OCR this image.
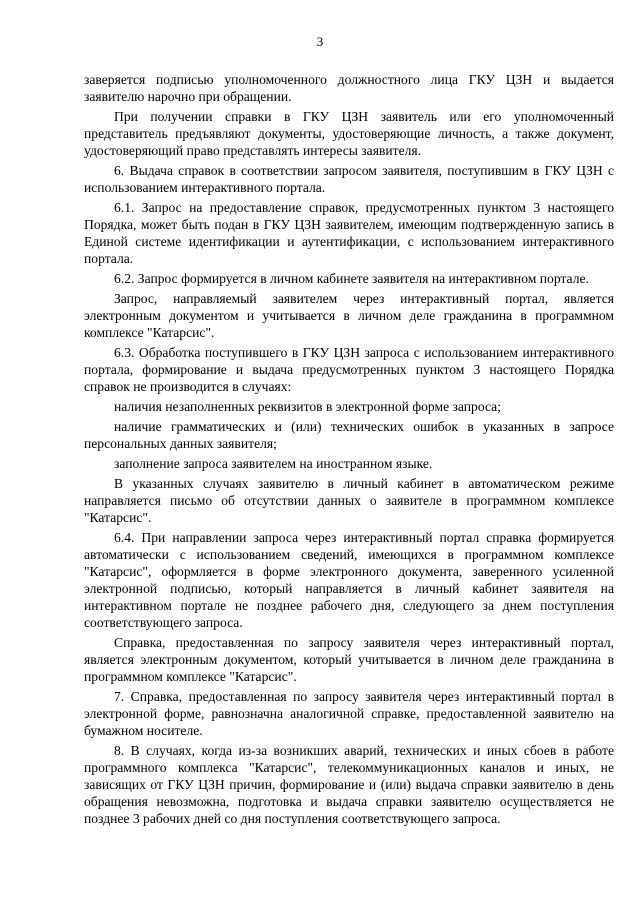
3

заверяется подписью уполномоченного должностного лица ГКУ ЦЗН и выдается заявителю нарочно при обращении.

При получении справки в ГКУ ЦЗН заявитель или его уполномоченный представитель предъявляют документы, удостоверяющие личность, а также документ, удостоверяющий право представлять интересы заявителя.

6. Выдача справок в соответствии запросом заявителя, поступившим в ГКУ ЦЗН с использованием интерактивного портала.

6.1. Запрос на предоставление справок, предусмотренных пунктом 3 настоящего Порядка, может быть подан в ГКУ ЦЗН заявителем, имеющим подтвержденную запись в Единой системе идентификации и аутентификации, с использованием интерактивного портала.

6.2. Запрос формируется в личном кабинете заявителя на интерактивном портале.

Запрос, направляемый заявителем через интерактивный портал, является электронным документом и учитывается в личном деле гражданина в программном комплексе "Катарсис".

6.3. Обработка поступившего в ГКУ ЦЗН запроса с использованием интерактивного портала, формирование и выдача предусмотренных пунктом 3 настоящего Порядка справок не производится в случаях:

наличия незаполненных реквизитов в электронной форме запроса;

наличие грамматических и (или) технических ошибок в указанных в запросе персональных данных заявителя;

заполнение запроса заявителем на иностранном языке.

В указанных случаях заявителю в личный кабинет в автоматическом режиме направляется письмо об отсутствии данных о заявителе в программном комплексе "Катарсис".

6.4. При направлении запроса через интерактивный портал справка формируется автоматически с использованием сведений, имеющихся в программном комплексе "Катарсис", оформляется в форме электронного документа, заверенного усиленной электронной подписью, который направляется в личный кабинет заявителя на интерактивном портале не позднее рабочего дня, следующего за днем поступления соответствующего запроса.

Справка, предоставленная по запросу заявителя через интерактивный портал, является электронным документом, который учитывается в личном деле гражданина в программном комплексе "Катарсис".

7. Справка, предоставленная по запросу заявителя через интерактивный портал в электронной форме, равнозначна аналогичной справке, предоставленной заявителю на бумажном носителе.

8. В случаях, когда из-за возникших аварий, технических и иных сбоев в работе программного комплекса "Катарсис", телекоммуникационных каналов и иных, не зависящих от ГКУ ЦЗН причин, формирование и (или) выдача справки заявителю в день обращения невозможна, подготовка и выдача справки заявителю осуществляется не позднее 3 рабочих дней со дня поступления соответствующего запроса.
